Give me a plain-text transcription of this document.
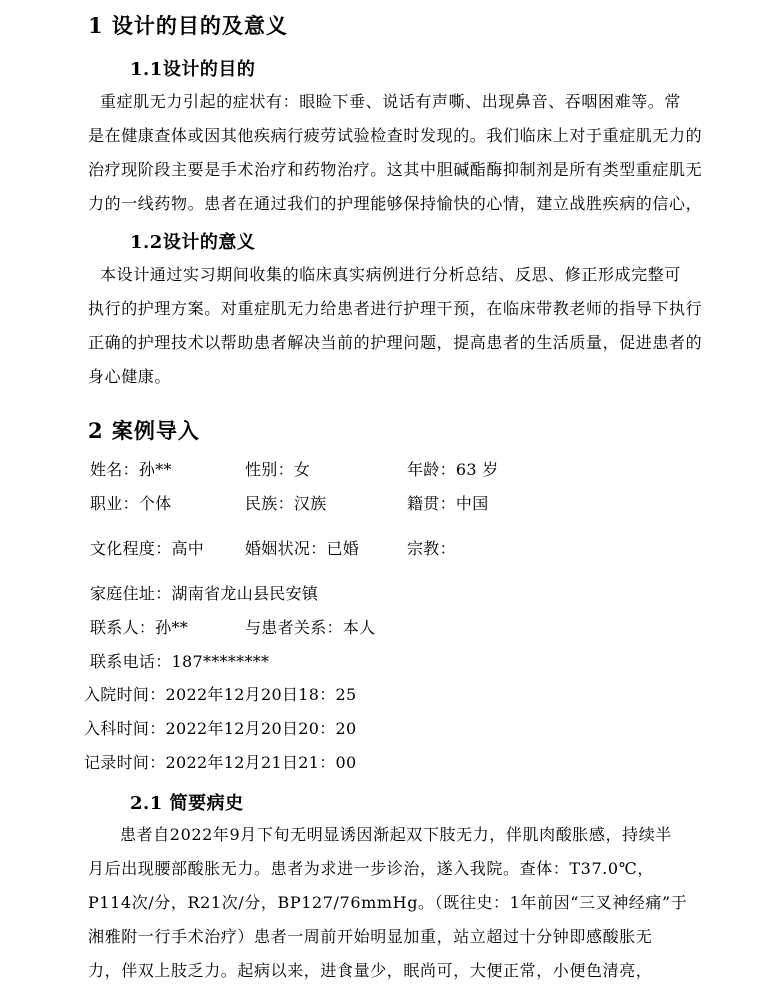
1 设计的目的及意义
1.1设计的目的

重症肌无力引起的症状有：眼睑下垂、说话有声嘶、出现鼻音、吞咽困难等。常
是在健康查体或因其他疾病行疲劳试验检查时发现的。我们临床上对于重症肌无力的
治疗现阶段主要是手术治疗和药物治疗。这其中胆碱酯酶抑制剂是所有类型重症肌无
力的一线药物。患者在通过我们的护理能够保持愉快的心情，建立战胜疾病的信心，

1.2设计的意义

本设计通过实习期间收集的临床真实病例进行分析总结、反思、修正形成完整可
执行的护理方案。对重症肌无力给患者进行护理干预，在临床带教老师的指导下执行
正确的护理技术以帮助患者解决当前的护理问题，提高患者的生活质量，促进患者的
身心健康。

2 案例导入
姓名：孙**	性别：女	年龄：63 岁
职业：个体	民族：汉族	籍贯：中国
文化程度：高中	婚姻状况：已婚	宗教：
家庭住址：湖南省龙山县民安镇
联系人：孙**	与患者关系：本人
联系电话：187********
入院时间：2022年12月20日18：25
入科时间：2022年12月20日20：20
记录时间：2022年12月21日21：00
2.1 简要病史

患者自2022年9月下旬无明显诱因渐起双下肢无力，伴肌肉酸胀感，持续半
月后出现腰部酸胀无力。患者为求进一步诊治，遂入我院。查体：T37.0℃，
P114次/分，R21次/分，BP127/76mmHg。（既往史：1年前因“三叉神经痛”于
湘雅附一行手术治疗）患者一周前开始明显加重，站立超过十分钟即感酸胀无
力，伴双上肢乏力。起病以来，进食量少，眠尚可，大便正常，小便色清亮，
